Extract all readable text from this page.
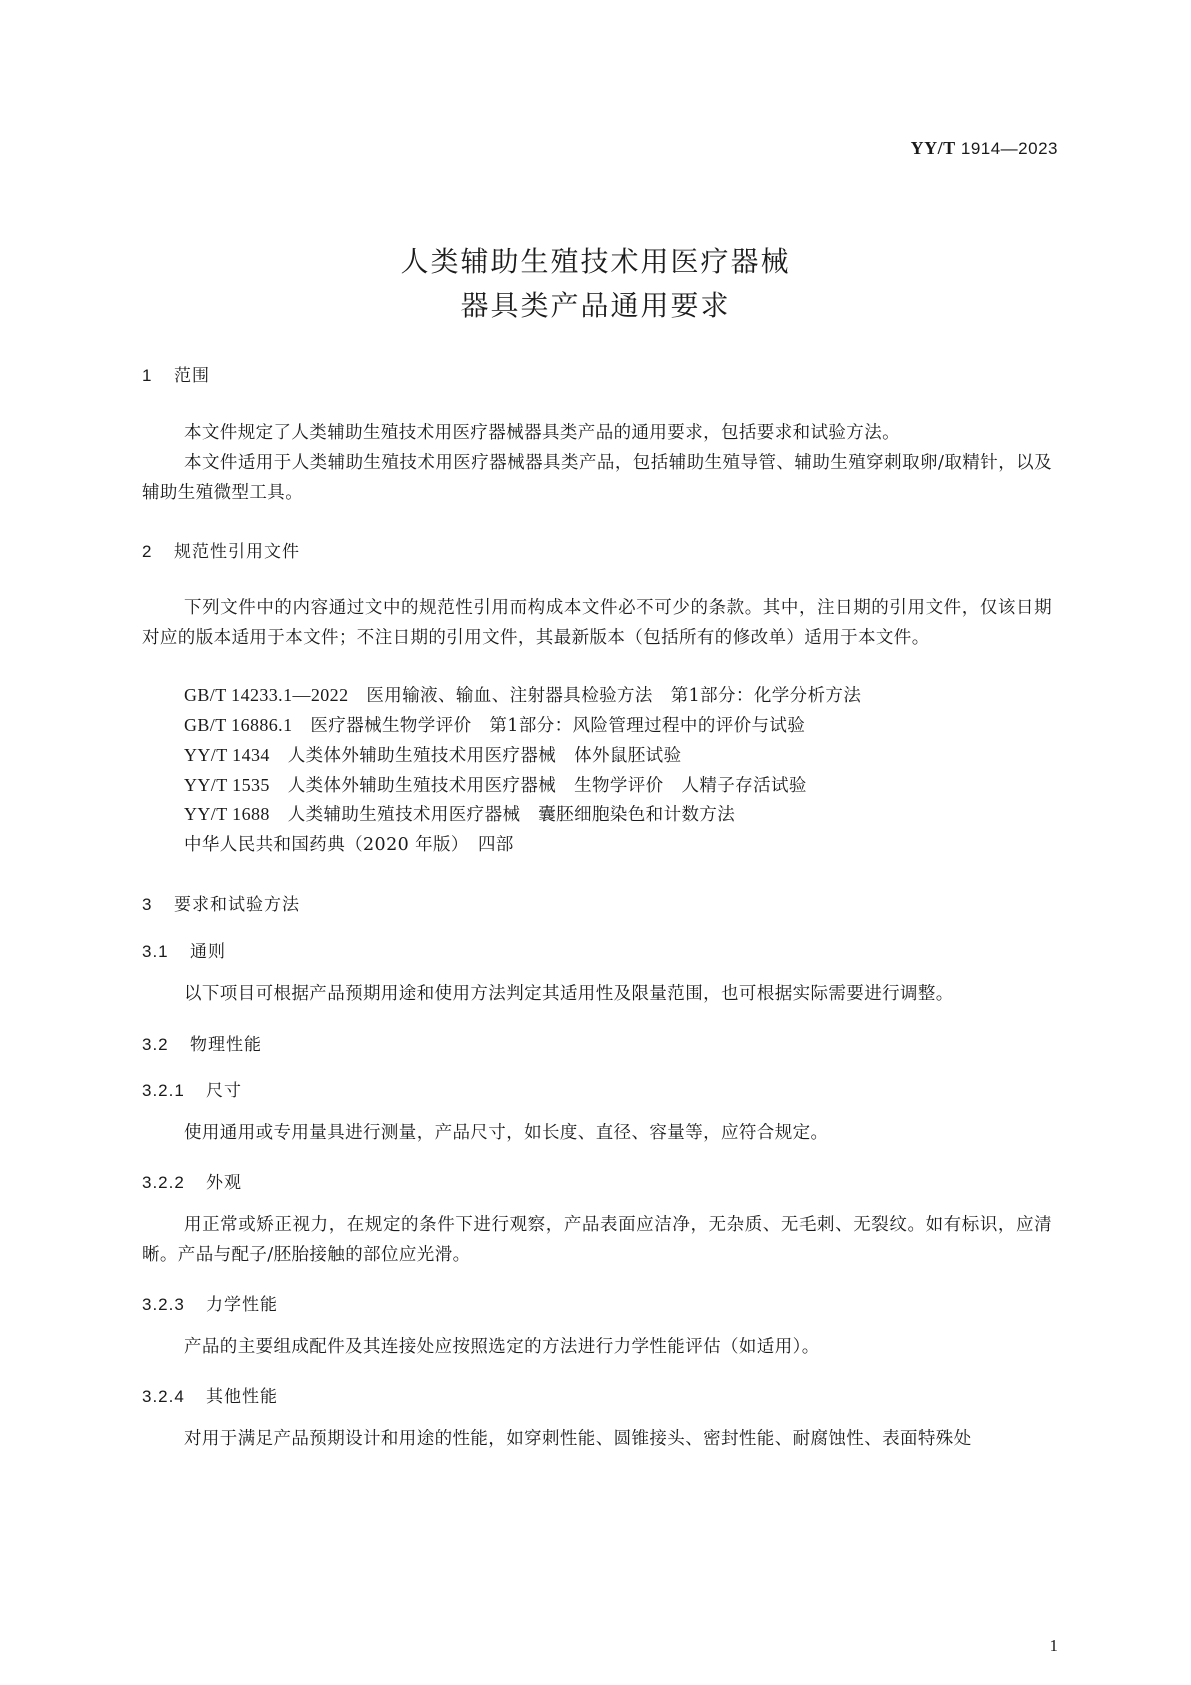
YY/T 1914—2023
人类辅助生殖技术用医疗器械
器具类产品通用要求
1 范围

本文件规定了人类辅助生殖技术用医疗器械器具类产品的通用要求，包括要求和试验方法。

本文件适用于人类辅助生殖技术用医疗器械器具类产品，包括辅助生殖导管、辅助生殖穿刺取卵/取精针，以及辅助生殖微型工具。

2 规范性引用文件

下列文件中的内容通过文中的规范性引用而构成本文件必不可少的条款。其中，注日期的引用文件，仅该日期对应的版本适用于本文件；不注日期的引用文件，其最新版本（包括所有的修改单）适用于本文件。

GB/T 14233.1—2022　 医用输液、输血、注射器具检验方法　第1部分：化学分析方法
GB/T 16886.1　 医疗器械生物学评价　第1部分：风险管理过程中的评价与试验
YY/T 1434　 人类体外辅助生殖技术用医疗器械　体外鼠胚试验
YY/T 1535　 人类体外辅助生殖技术用医疗器械　生物学评价　人精子存活试验
YY/T 1688　 人类辅助生殖技术用医疗器械　囊胚细胞染色和计数方法
中华人民共和国药典（2020 年版）　四部
3 要求和试验方法
3.1 通则

以下项目可根据产品预期用途和使用方法判定其适用性及限量范围，也可根据实际需要进行调整。

3.2 物理性能
3.2.1 尺寸

使用通用或专用量具进行测量，产品尺寸，如长度、直径、容量等，应符合规定。

3.2.2 外观

用正常或矫正视力，在规定的条件下进行观察，产品表面应洁净，无杂质、无毛刺、无裂纹。如有标识，应清晰。产品与配子/胚胎接触的部位应光滑。

3.2.3 力学性能

产品的主要组成配件及其连接处应按照选定的方法进行力学性能评估（如适用）。

3.2.4 其他性能

对用于满足产品预期设计和用途的性能，如穿刺性能、圆锥接头、密封性能、耐腐蚀性、表面特殊处

1
